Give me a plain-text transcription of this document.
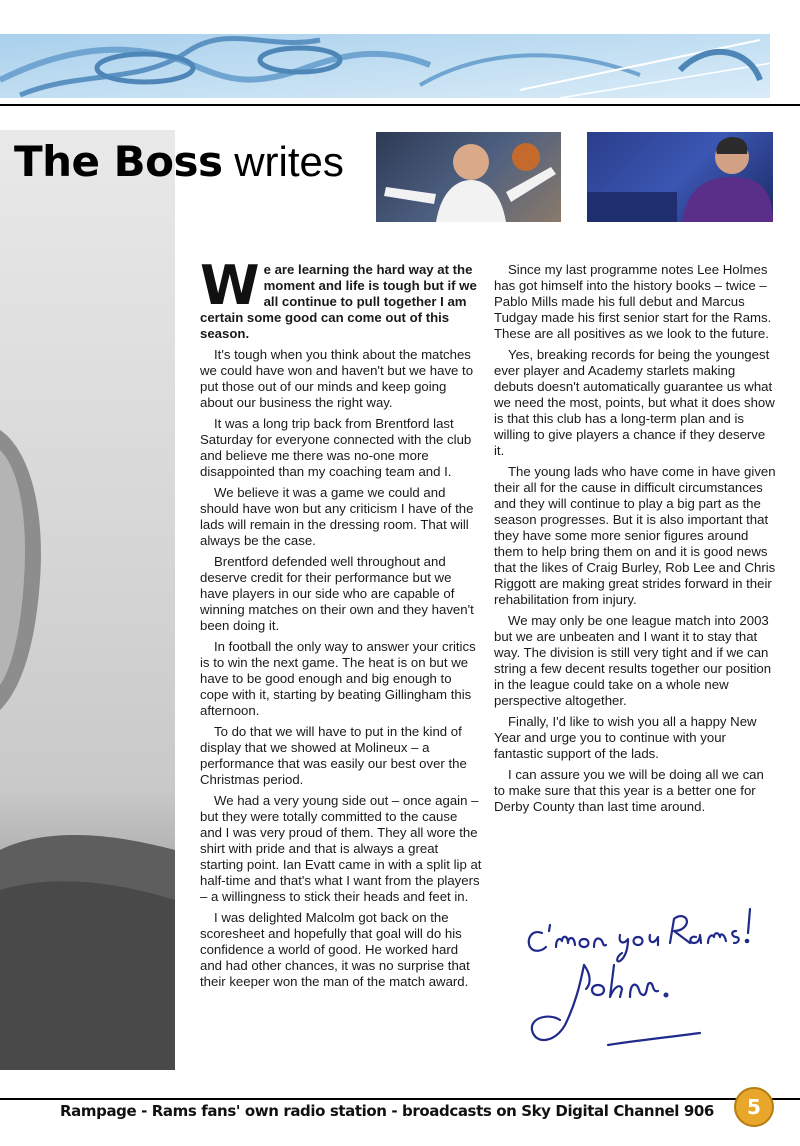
The Boss writes

We are learning the hard way at the moment and life is tough but if we all continue to pull together I am certain some good can come out of this season.

It's tough when you think about the matches we could have won and haven't but we have to put those out of our minds and keep going about our business the right way.

It was a long trip back from Brentford last Saturday for everyone connected with the club and believe me there was no-one more disappointed than my coaching team and I.

We believe it was a game we could and should have won but any criticism I have of the lads will remain in the dressing room. That will always be the case.

Brentford defended well throughout and deserve credit for their performance but we have players in our side who are capable of winning matches on their own and they haven't been doing it.

In football the only way to answer your critics is to win the next game. The heat is on but we have to be good enough and big enough to cope with it, starting by beating Gillingham this afternoon.

To do that we will have to put in the kind of display that we showed at Molineux – a performance that was easily our best over the Christmas period.

We had a very young side out – once again – but they were totally committed to the cause and I was very proud of them. They all wore the shirt with pride and that is always a great starting point. Ian Evatt came in with a split lip at half-time and that's what I want from the players – a willingness to stick their heads and feet in.

I was delighted Malcolm got back on the scoresheet and hopefully that goal will do his confidence a world of good. He worked hard and had other chances, it was no surprise that their keeper won the man of the match award.

Since my last programme notes Lee Holmes has got himself into the history books – twice – Pablo Mills made his full debut and Marcus Tudgay made his first senior start for the Rams. These are all positives as we look to the future.

Yes, breaking records for being the youngest ever player and Academy starlets making debuts doesn't automatically guarantee us what we need the most, points, but what it does show is that this club has a long-term plan and is willing to give players a chance if they deserve it.

The young lads who have come in have given their all for the cause in difficult circumstances and they will continue to play a big part as the season progresses. But it is also important that they have some more senior figures around them to help bring them on and it is good news that the likes of Craig Burley, Rob Lee and Chris Riggott are making great strides forward in their rehabilitation from injury.

We may only be one league match into 2003 but we are unbeaten and I want it to stay that way. The division is still very tight and if we can string a few decent results together our position in the league could take on a whole new perspective altogether.

Finally, I'd like to wish you all a happy New Year and urge you to continue with your fantastic support of the lads.

I can assure you we will be doing all we can to make sure that this year is a better one for Derby County than last time around.

Rampage - Rams fans' own radio station - broadcasts on Sky Digital Channel 906	5
